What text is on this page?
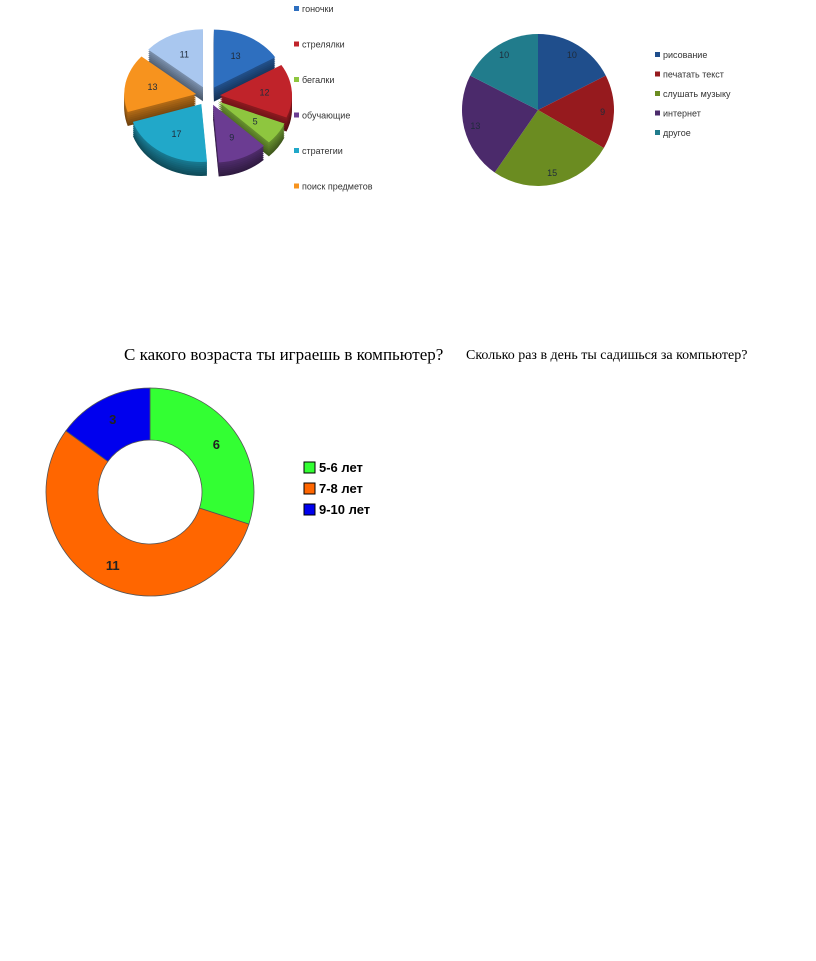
13
12
5
9
17
13
11
гоночки
стрелялки
бегалки
обучающие
стратегии
поиск предметов
10
9
15
13
10	рисование
печатать текст
слушать музыку
интернет
другое
6
11
3
5-6 лет
7-8 лет
9-10 лет
С какого возраста ты играешь в компьютер? Сколько раз в день ты садишься за компьютер?
